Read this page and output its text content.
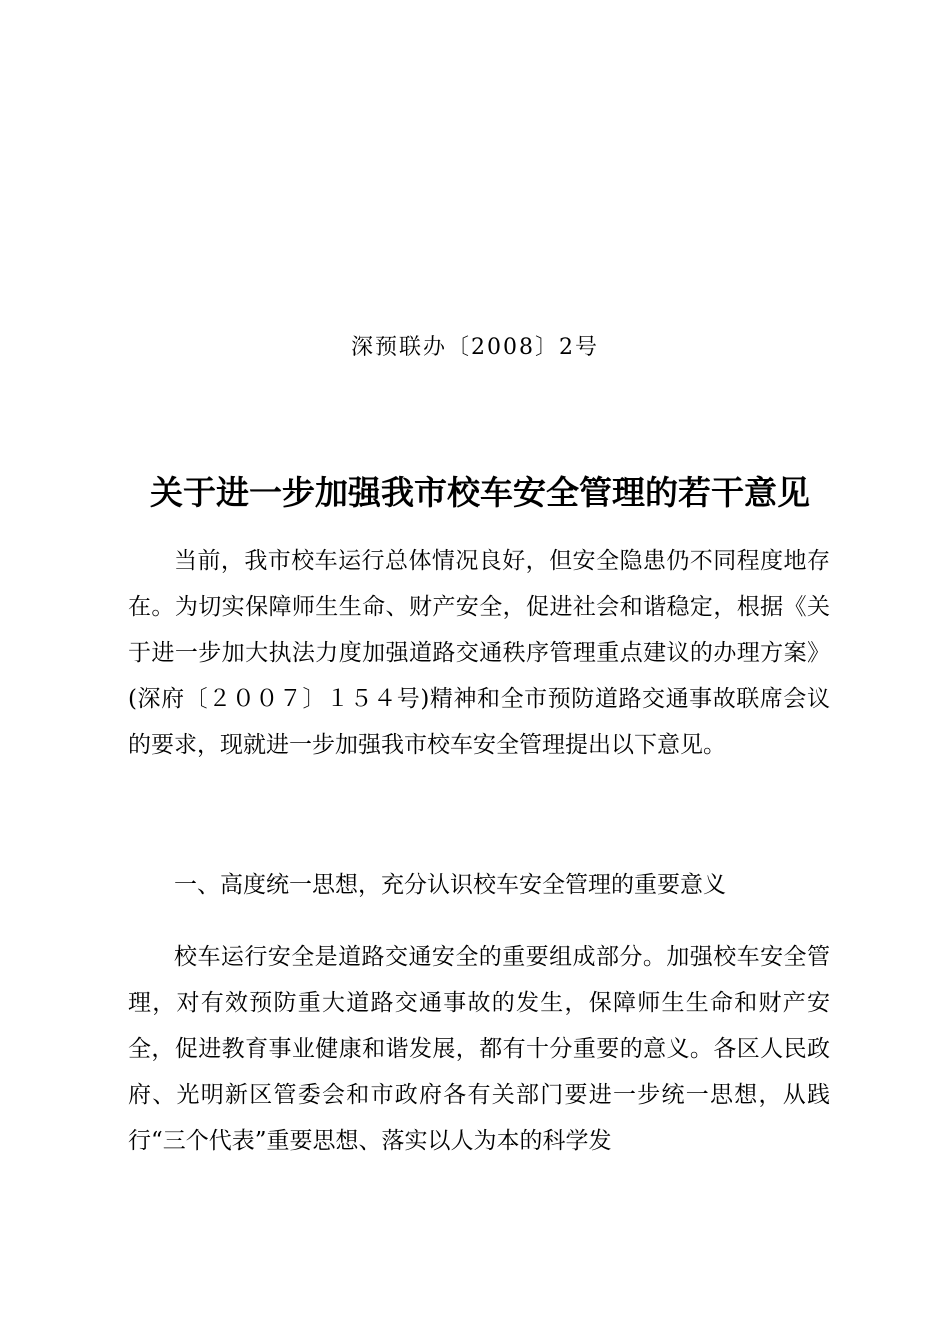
深预联办〔2008〕2号
关于进一步加强我市校车安全管理的若干意见

当前，我市校车运行总体情况良好，但安全隐患仍不同程度地存在。为切实保障师生生命、财产安全，促进社会和谐稳定，根据《关于进一步加大执法力度加强道路交通秩序管理重点建议的办理方案》(深府〔２００７〕１５４号)精神和全市预防道路交通事故联席会议的要求，现就进一步加强我市校车安全管理提出以下意见。

一、高度统一思想，充分认识校车安全管理的重要意义

校车运行安全是道路交通安全的重要组成部分。加强校车安全管理，对有效预防重大道路交通事故的发生，保障师生生命和财产安全，促进教育事业健康和谐发展，都有十分重要的意义。各区人民政府、光明新区管委会和市政府各有关部门要进一步统一思想，从践行“三个代表”重要思想、落实以人为本的科学发
